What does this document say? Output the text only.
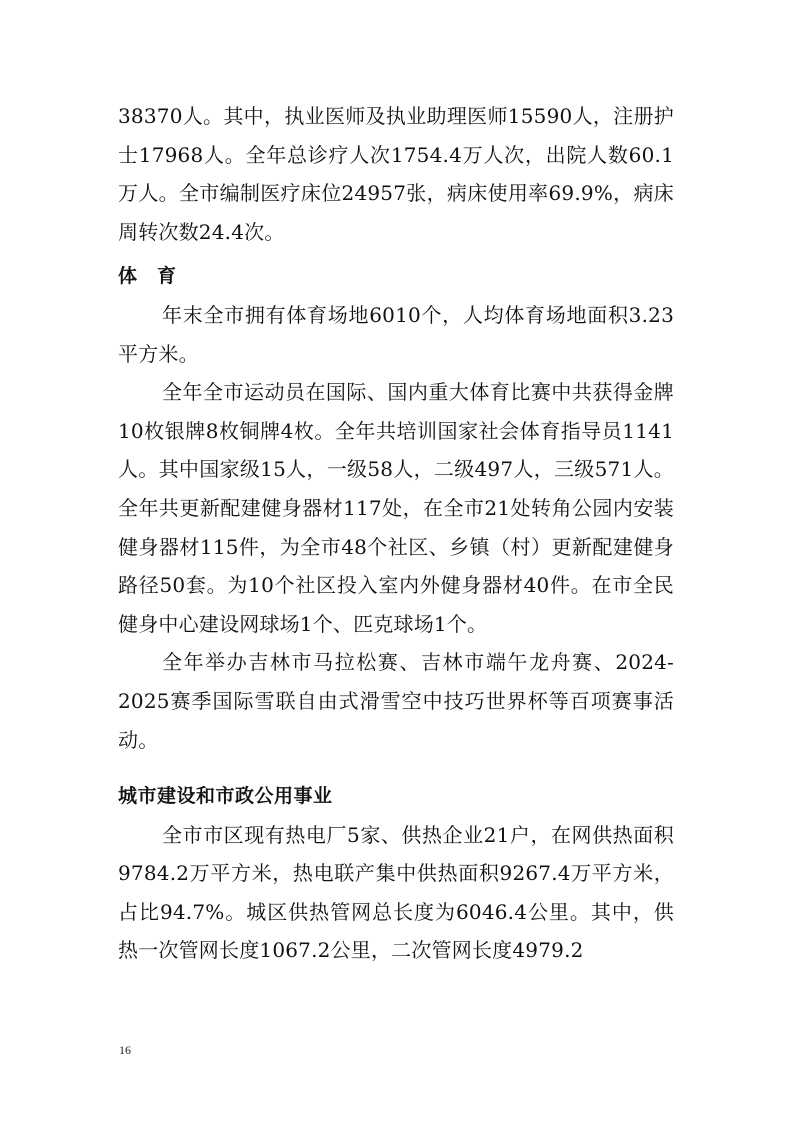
38370人。其中，执业医师及执业助理医师15590人，注册护士17968人。全年总诊疗人次1754.4万人次，出院人数60.1万人。全市编制医疗床位24957张，病床使用率69.9%，病床周转次数24.4次。

体育

年末全市拥有体育场地6010个，人均体育场地面积3.23平方米。

全年全市运动员在国际、国内重大体育比赛中共获得金牌10枚银牌8枚铜牌4枚。全年共培训国家社会体育指导员1141人。其中国家级15人，一级58人，二级497人，三级571人。全年共更新配建健身器材117处，在全市21处转角公园内安装健身器材115件，为全市48个社区、乡镇（村）更新配建健身路径50套。为10个社区投入室内外健身器材40件。在市全民健身中心建设网球场1个、匹克球场1个。

全年举办吉林市马拉松赛、吉林市端午龙舟赛、2024-2025赛季国际雪联自由式滑雪空中技巧世界杯等百项赛事活动。

城市建设和市政公用事业

全市市区现有热电厂5家、供热企业21户，在网供热面积9784.2万平方米，热电联产集中供热面积9267.4万平方米，占比94.7%。城区供热管网总长度为6046.4公里。其中，供热一次管网长度1067.2公里，二次管网长度4979.2

16
